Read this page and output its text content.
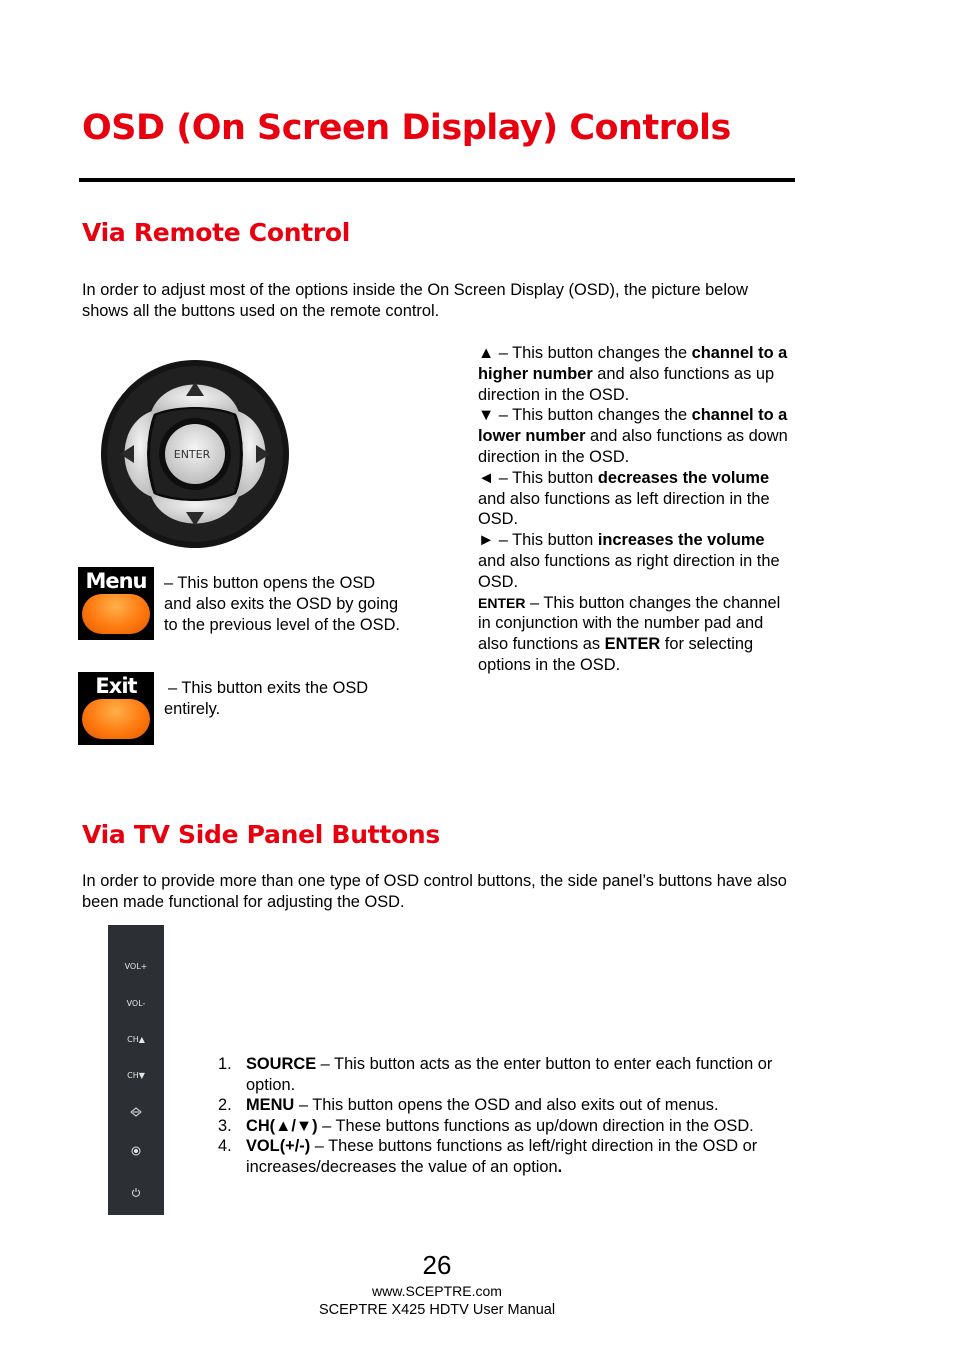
OSD (On Screen Display) Controls
Via Remote Control
In order to adjust most of the options inside the On Screen Display (OSD), the picture below shows all the buttons used on the remote control.
ENTER
Menu	– This button opens the OSD and also exits the OSD by going to the previous level of the OSD.
Exit	– This button exits the OSD entirely.
▲ – This button changes the channel to a higher number and also functions as up direction in the OSD.
▼ – This button changes the channel to a lower number and also functions as down direction in the OSD.
◄ – This button decreases the volume and also functions as left direction in the OSD.
► – This button increases the volume and also functions as right direction in the OSD.
ENTER – This button changes the channel in conjunction with the number pad and also functions as ENTER for selecting options in the OSD.
Via TV Side Panel Buttons
In order to provide more than one type of OSD control buttons, the side panel’s buttons have also been made functional for adjusting the OSD.
VOL+
VOL-
CH▲
CH▼
1. SOURCE – This button acts as the enter button to enter each function or option.
2. MENU – This button opens the OSD and also exits out of menus.
3. CH(▲/▼) – These buttons functions as up/down direction in the OSD.
4. VOL(+/-) – These buttons functions as left/right direction in the OSD or increases/decreases the value of an option.
26
www.SCEPTRE.com
SCEPTRE X425 HDTV User Manual
